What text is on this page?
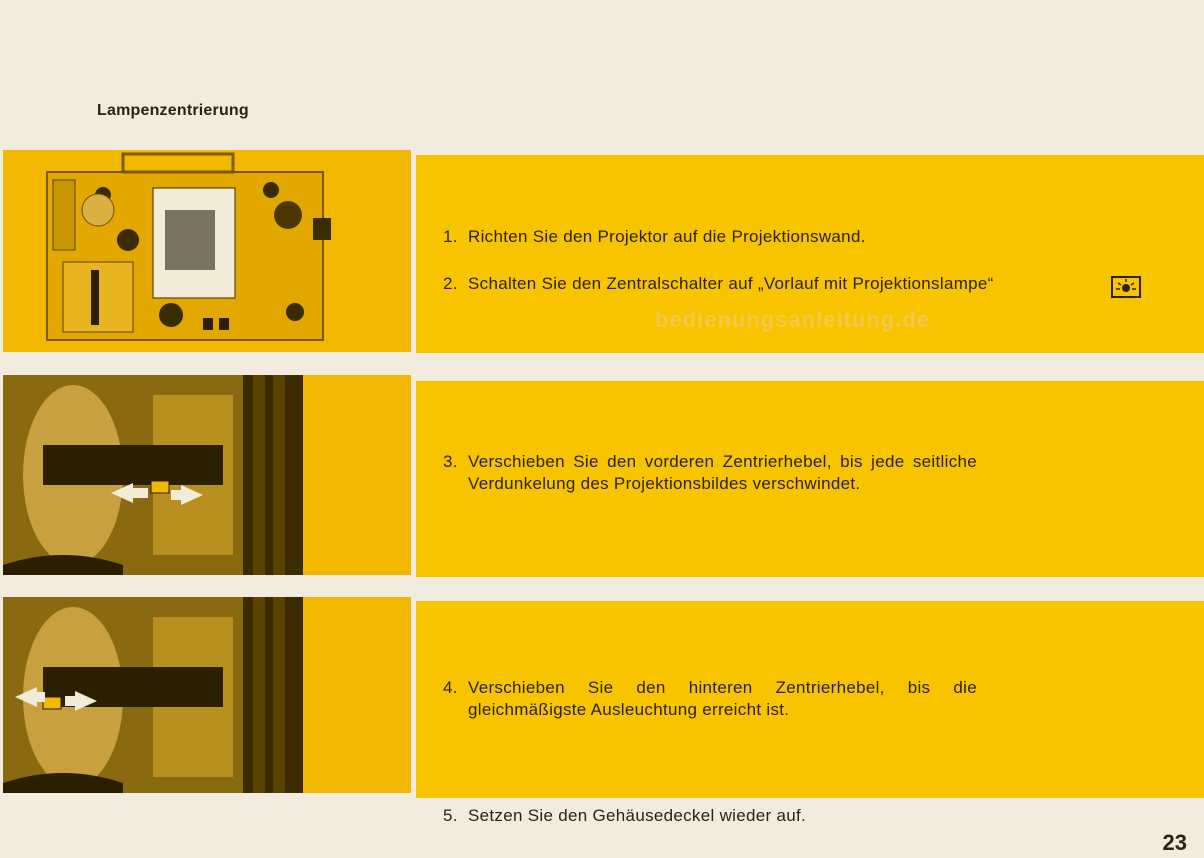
Lampenzentrierung
1. Richten Sie den Projektor auf die Projektionswand.
2. Schalten Sie den Zentralschalter auf „Vorlauf mit Projektionslampe“
bedienungsanleitung.de
3. Verschieben Sie den vorderen Zentrierhebel, bis jede seitliche Verdunkelung des Projektionsbildes verschwindet.
4. Verschieben Sie den hinteren Zentrierhebel, bis die gleichmäßigste Ausleuchtung erreicht ist.
5. Setzen Sie den Gehäusedeckel wieder auf.
23
